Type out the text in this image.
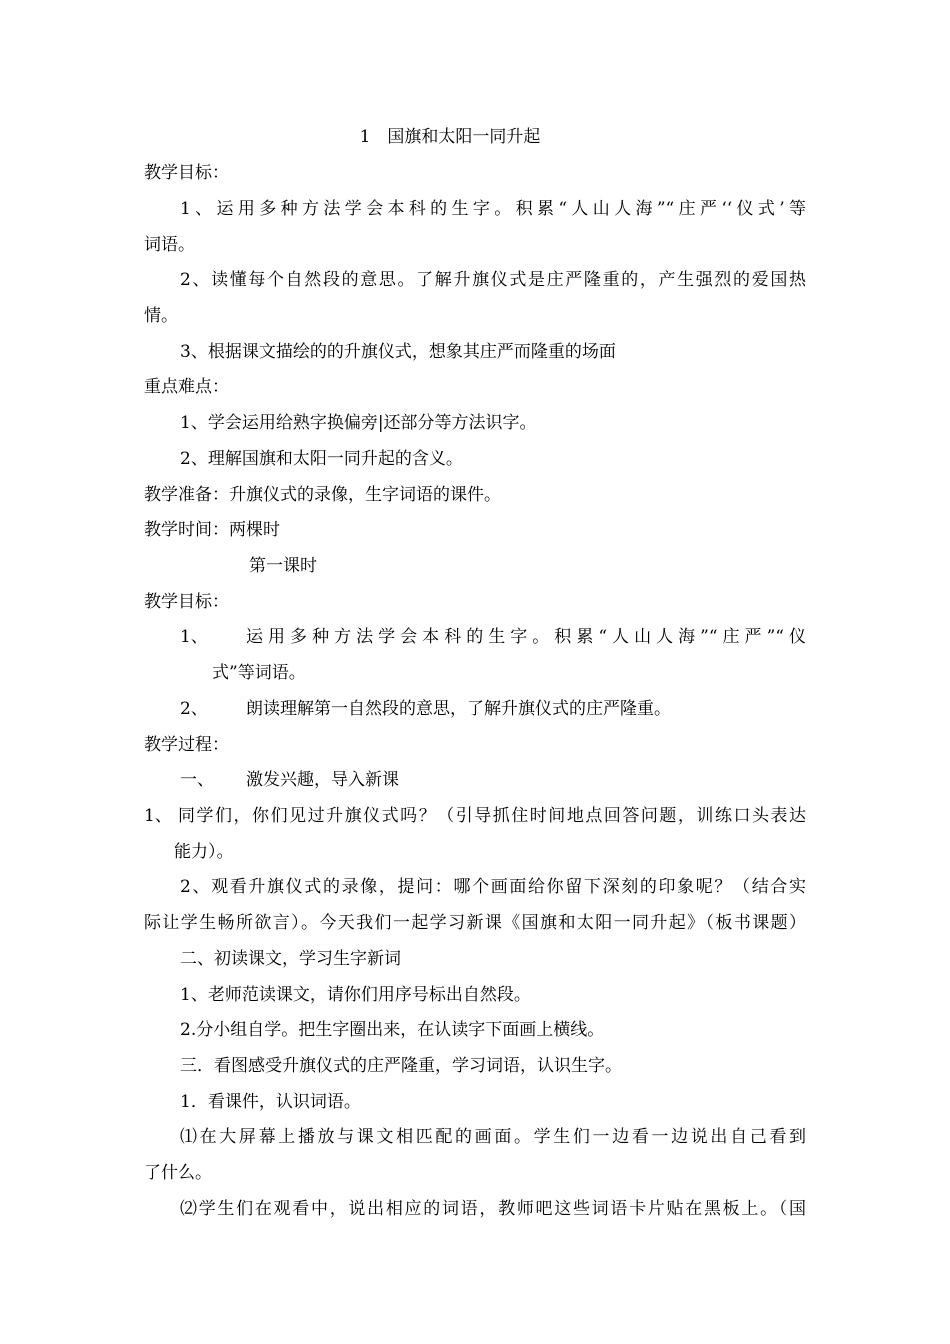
1　国旗和太阳一同升起
教学目标：
1、运用多种方法学会本科的生字。积累“人山人海”“庄严‘‘仪式’等
词语。
2、读懂每个自然段的意思。了解升旗仪式是庄严隆重的，产生强烈的爱国热
情。
3、根据课文描绘的的升旗仪式，想象其庄严而隆重的场面
重点难点：
1、学会运用给熟字换偏旁|还部分等方法识字。
2、理解国旗和太阳一同升起的含义。
教学准备：升旗仪式的录像，生字词语的课件。
教学时间：两棵时
第一课时
教学目标：
1、 运用多种方法学会本科的生字。积累“人山人海”“庄严”“仪
式”等词语。
2、 朗读理解第一自然段的意思，了解升旗仪式的庄严隆重。
教学过程：
一、 激发兴趣，导入新课
1、 同学们，你们见过升旗仪式吗？（引导抓住时间地点回答问题，训练口头表达
能力）。
2、观看升旗仪式的录像，提问：哪个画面给你留下深刻的印象呢？（结合实
际让学生畅所欲言）。今天我们一起学习新课《国旗和太阳一同升起》（板书课题）
二、初读课文，学习生字新词
1、老师范读课文，请你们用序号标出自然段。
2.分小组自学。把生字圈出来，在认读字下面画上横线。
三．看图感受升旗仪式的庄严隆重，学习词语，认识生字。
1．看课件，认识词语。
⑴在大屏幕上播放与课文相匹配的画面。学生们一边看一边说出自己看到
了什么。
⑵学生们在观看中，说出相应的词语，教师吧这些词语卡片贴在黑板上。（国
